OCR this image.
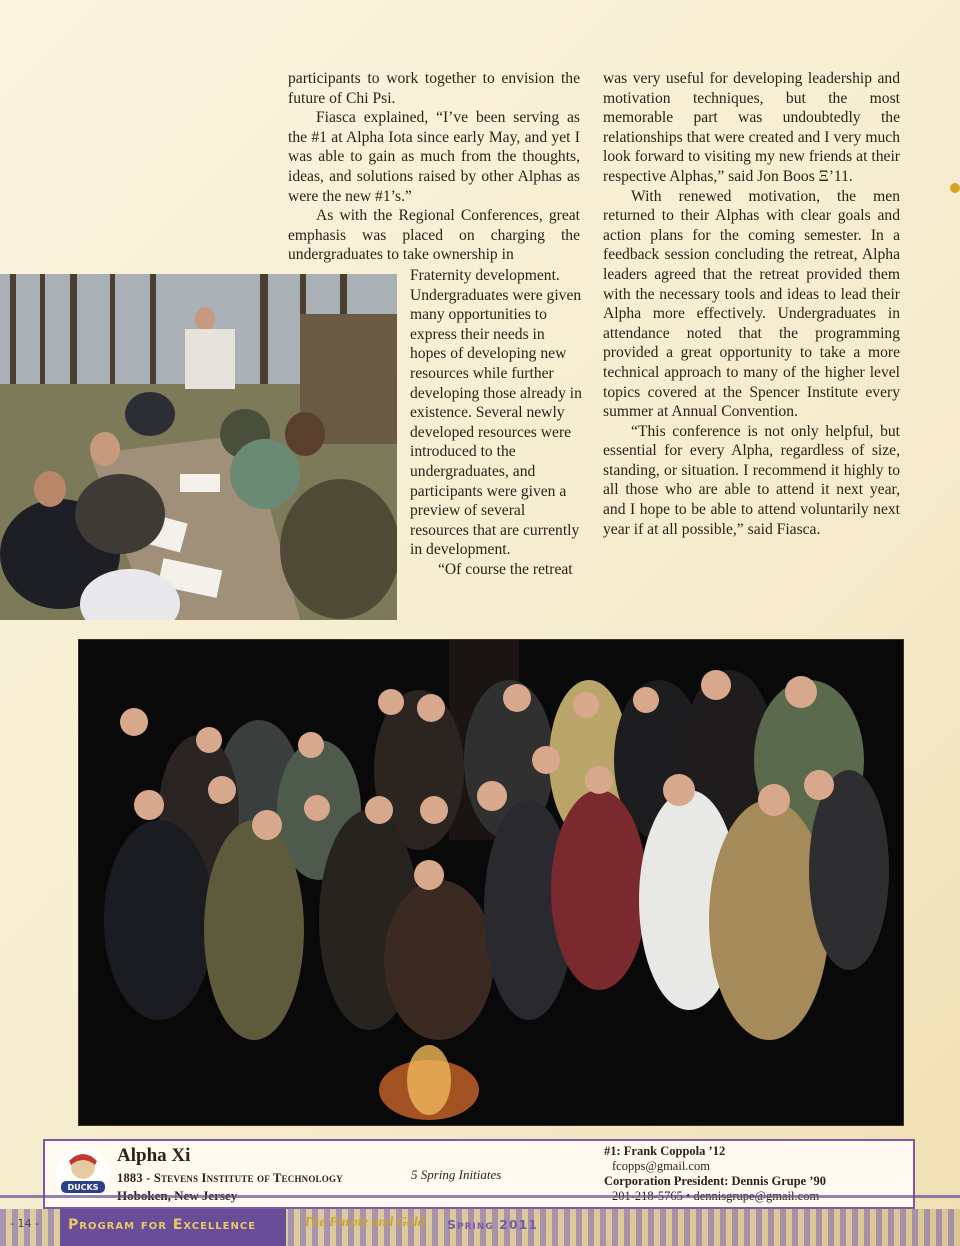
participants to work together to envision the future of Chi Psi.

Fiasca explained, “I’ve been serving as the #1 at Alpha Iota since early May, and yet I was able to gain as much from the thoughts, ideas, and solutions raised by other Alphas as were the new #1’s.”

As with the Regional Conferences, great emphasis was placed on charging the undergraduates to take ownership in

Fraternity development. Undergraduates were given many opportunities to express their needs in hopes of developing new resources while further developing those already in existence. Several newly developed resources were introduced to the undergraduates, and participants were given a preview of several resources that are currently in development.

“Of course the retreat

was very useful for developing leadership and motivation techniques, but the most memorable part was undoubtedly the relationships that were created and I very much look forward to visiting my new friends at their respective Alphas,” said Jon Boos Ξ’11.

With renewed motivation, the men returned to their Alphas with clear goals and action plans for the coming semester. In a feedback session concluding the retreat, Alpha leaders agreed that the retreat provided them with the necessary tools and ideas to lead their Alpha more effectively. Undergraduates in attendance noted that the programming provided a great opportunity to take a more technical approach to many of the higher level topics covered at the Spencer Institute every summer at Annual Convention.

“This conference is not only helpful, but essential for every Alpha, regardless of size, standing, or situation. I recommend it highly to all those who are able to attend it next year, and I hope to be able to attend voluntarily next year if at all possible,” said Fiasca.

DUCKS
Alpha Xi
1883 - Stevens Institute of Technology	5 Spring Initiates
#1: Frank Coppola ’12
fcopps@gmail.com
Corporation President: Dennis Grupe ’90
- 14 - Program for Excellence	The Purple and Gold Spring 2011
